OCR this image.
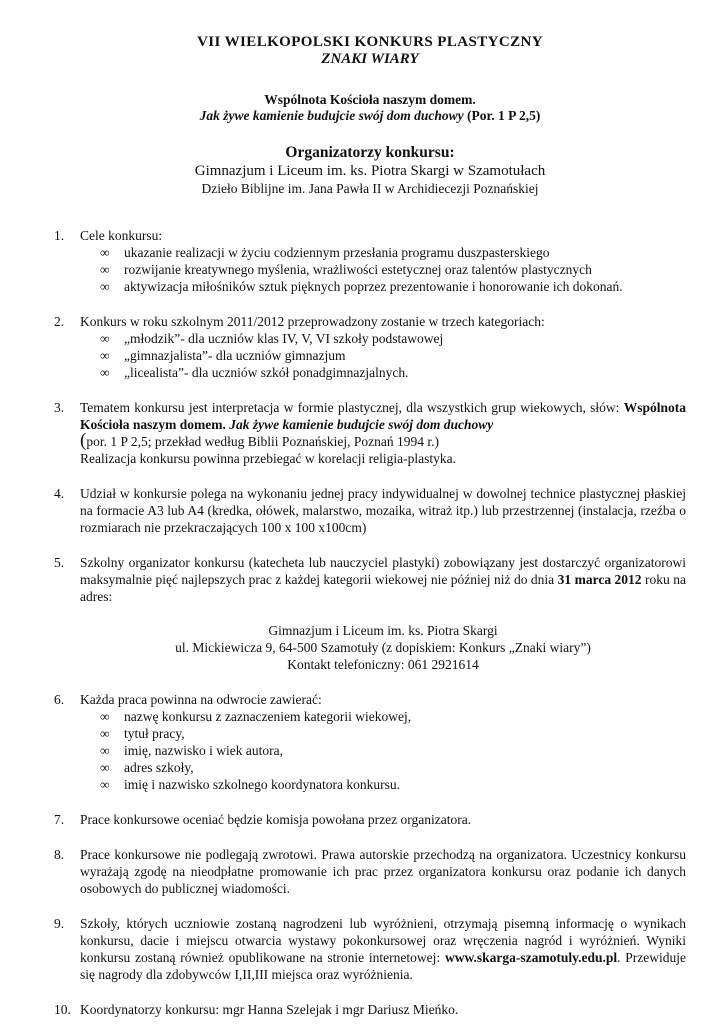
VII WIELKOPOLSKI KONKURS PLASTYCZNY

ZNAKI WIARY

Wspólnota Kościoła naszym domem.
Jak żywe kamienie budujcie swój dom duchowy (Por. 1 P 2,5)
Organizatorzy konkursu:
Gimnazjum i Liceum im. ks. Piotra Skargi w Szamotułach
Dzieło Biblijne im. Jana Pawła II w Archidiecezji Poznańskiej
1.	Cele konkursu:
∞	ukazanie realizacji w życiu codziennym przesłania programu duszpasterskiego
∞	rozwijanie kreatywnego myślenia, wrażliwości estetycznej oraz talentów plastycznych
∞	aktywizacja miłośników sztuk pięknych poprzez prezentowanie i honorowanie ich dokonań.
2.	Konkurs w roku szkolnym 2011/2012 przeprowadzony zostanie w trzech kategoriach:
∞	„młodzik”- dla uczniów klas IV, V, VI szkoły podstawowej
∞	„gimnazjalista”- dla uczniów gimnazjum
∞	„licealista”- dla uczniów szkół ponadgimnazjalnych.
3.	Tematem konkursu jest interpretacja w formie plastycznej, dla wszystkich grup wiekowych, słów: Wspólnota Kościoła naszym domem. Jak żywe kamienie budujcie swój dom duchowy
(por. 1 P 2,5; przekład według Biblii Poznańskiej, Poznań 1994 r.)
Realizacja konkursu powinna przebiegać w korelacji religia-plastyka.
4.	Udział w konkursie polega na wykonaniu jednej pracy indywidualnej w dowolnej technice plastycznej płaskiej na formacie A3 lub A4 (kredka, ołówek, malarstwo, mozaika, witraż itp.) lub przestrzennej (instalacja, rzeźba o rozmiarach nie przekraczających 100 x 100 x100cm)
5.	Szkolny organizator konkursu (katecheta lub nauczyciel plastyki) zobowiązany jest dostarczyć organizatorowi maksymalnie pięć najlepszych prac z każdej kategorii wiekowej nie później niż do dnia 31 marca 2012 roku na adres:
Gimnazjum i Liceum im. ks. Piotra Skargi
ul. Mickiewicza 9, 64-500 Szamotuły (z dopiskiem: Konkurs „Znaki wiary”)
Kontakt telefoniczny: 061 2921614
6.	Każda praca powinna na odwrocie zawierać:
∞	nazwę konkursu z zaznaczeniem kategorii wiekowej,
∞	tytuł pracy,
∞	imię, nazwisko i wiek autora,
∞	adres szkoły,
∞	imię i nazwisko szkolnego koordynatora konkursu.
7.	Prace konkursowe oceniać będzie komisja powołana przez organizatora.
8.	Prace konkursowe nie podlegają zwrotowi. Prawa autorskie przechodzą na organizatora. Uczestnicy konkursu wyrażają zgodę na nieodpłatne promowanie ich prac przez organizatora konkursu oraz podanie ich danych osobowych do publicznej wiadomości.
9.	Szkoły, których uczniowie zostaną nagrodzeni lub wyróżnieni, otrzymają pisemną informację o wynikach konkursu, dacie i miejscu otwarcia wystawy pokonkursowej oraz wręczenia nagród i wyróżnień. Wyniki konkursu zostaną również opublikowane na stronie internetowej: www.skarga-szamotuly.edu.pl. Przewiduje się nagrody dla zdobywców I,II,III miejsca oraz wyróżnienia.
10. Koordynatorzy konkursu: mgr Hanna Szelejak i mgr Dariusz Mieńko.
